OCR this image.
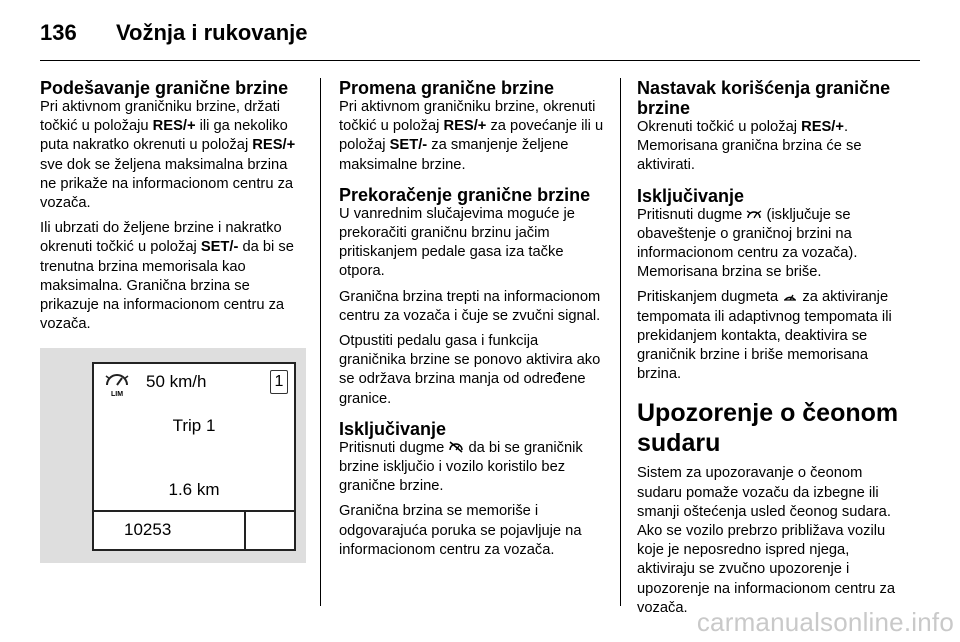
136	Vožnja i rukovanje
Podešavanje granične brzine

Pri aktivnom graničniku brzine, držati točkić u položaju RES/+ ili ga nekoliko puta nakratko okrenuti u položaj RES/+ sve dok se željena maksimalna brzina ne prikaže na informacionom centru za vozača.

Ili ubrzati do željene brzine i nakratko okrenuti točkić u položaj SET/- da bi se trenutna brzina memorisala kao maksimalna. Granična brzina se prikazuje na informacionom centru za vozača.

LIM
50 km/h	1
Trip 1
1.6 km
10253
Promena granične brzine

Pri aktivnom graničniku brzine, okrenuti točkić u položaj RES/+ za povećanje ili u položaj SET/- za smanjenje željene maksimalne brzine.

Prekoračenje granične brzine

U vanrednim slučajevima moguće je prekoračiti graničnu brzinu jačim pritiskanjem pedale gasa iza tačke otpora.

Granična brzina trepti na informacionom centru za vozača i čuje se zvučni signal.

Otpustiti pedalu gasa i funkcija graničnika brzine se ponovo aktivira ako se održava brzina manja od određene granice.

Isključivanje

Pritisnuti dugme  da bi se graničnik brzine isključio i vozilo koristilo bez granične brzine.

Granična brzina se memoriše i odgovarajuća poruka se pojavljuje na informacionom centru za vozača.

Nastavak korišćenja granične brzine

Okrenuti točkić u položaj RES/+. Memorisana granična brzina će se aktivirati.

Isključivanje

Pritisnuti dugme  (isključuje se obaveštenje o graničnoj brzini na informacionom centru za vozača). Memorisana brzina se briše.

Pritiskanjem dugmeta  za aktiviranje tempomata ili adaptivnog tempomata ili prekidanjem kontakta, deaktivira se graničnik brzine i briše memorisana brzina.

Upozorenje o čeonom sudaru

Sistem za upozoravanje o čeonom sudaru pomaže vozaču da izbegne ili smanji oštećenja usled čeonog sudara. Ako se vozilo prebrzo približava vozilu koje je neposredno ispred njega, aktiviraju se zvučno upozorenje i upozorenje na informacionom centru za vozača. carmanualsonline.info
